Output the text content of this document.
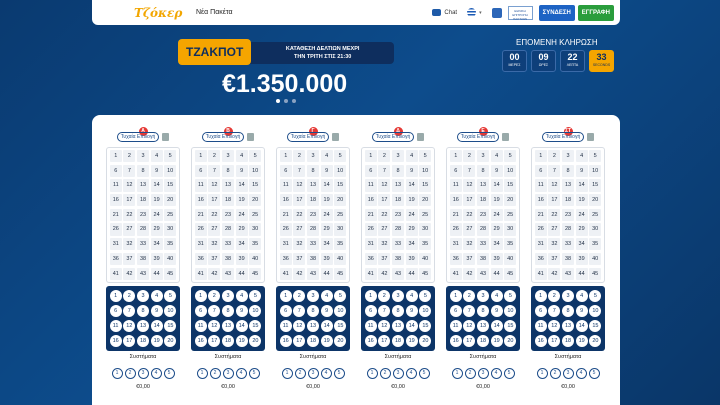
Τζόκερ Νέα Πακέτα	Chat	▾	ΕΘΝΙΚΗ ΕΠΙΤΡΟΠΗ ΠΑΙΓΝΙΩΝ
ΣΥΝΔΕΣΗ	ΕΓΓΡΑΦΗ
ΤΖΑΚΠΟΤ	ΚΑΤΑΘΕΣΗ ΔΕΛΤΙΩΝ ΜΕΧΡΙ
ΤΗΝ ΤΡΙΤΗ ΣΤΙΣ 21:30
€1.350.000
ΕΠΟΜΕΝΗ ΚΛΗΡΩΣΗ
00
ΜΕΡΕΣ
09
ΩΡΕΣ
22
ΛΕΠΤΑ
33
SECONDS
Α
Τυχαία Επιλογή
1	2	3	4	5
6	7	8	9	10
11	12	13	14	15
16	17	18	19	20
21	22	23	24	25
26	27	28	29	30
31	32	33	34	35
36	37	38	39	40
41	42	43	44	45
1	2	3	4	5
6	7	8	9	10
11	12	13	14	15
16	17	18	19	20
Συστήματα
1	2	3	4	5
€0,00
Β
Τυχαία Επιλογή
1	2	3	4	5
6	7	8	9	10
11	12	13	14	15
16	17	18	19	20
21	22	23	24	25
26	27	28	29	30
31	32	33	34	35
36	37	38	39	40
41	42	43	44	45
1	2	3	4	5
6	7	8	9	10
11	12	13	14	15
16	17	18	19	20
Συστήματα
1	2	3	4	5
€0,00
Γ
Τυχαία Επιλογή
1	2	3	4	5
6	7	8	9	10
11	12	13	14	15
16	17	18	19	20
21	22	23	24	25
26	27	28	29	30
31	32	33	34	35
36	37	38	39	40
41	42	43	44	45
1	2	3	4	5
6	7	8	9	10
11	12	13	14	15
16	17	18	19	20
Συστήματα
1	2	3	4	5
€0,00
Δ
Τυχαία Επιλογή
1	2	3	4	5
6	7	8	9	10
11	12	13	14	15
16	17	18	19	20
21	22	23	24	25
26	27	28	29	30
31	32	33	34	35
36	37	38	39	40
41	42	43	44	45
1	2	3	4	5
6	7	8	9	10
11	12	13	14	15
16	17	18	19	20
Συστήματα
1	2	3	4	5
€0,00
Ε
Τυχαία Επιλογή
1	2	3	4	5
6	7	8	9	10
11	12	13	14	15
16	17	18	19	20
21	22	23	24	25
26	27	28	29	30
31	32	33	34	35
36	37	38	39	40
41	42	43	44	45
1	2	3	4	5
6	7	8	9	10
11	12	13	14	15
16	17	18	19	20
Συστήματα
1	2	3	4	5
€0,00
ΣΤ
Τυχαία Επιλογή
1	2	3	4	5
6	7	8	9	10
11	12	13	14	15
16	17	18	19	20
21	22	23	24	25
26	27	28	29	30
31	32	33	34	35
36	37	38	39	40
41	42	43	44	45
1	2	3	4	5
6	7	8	9	10
11	12	13	14	15
16	17	18	19	20
Συστήματα
1	2	3	4	5
€0,00
